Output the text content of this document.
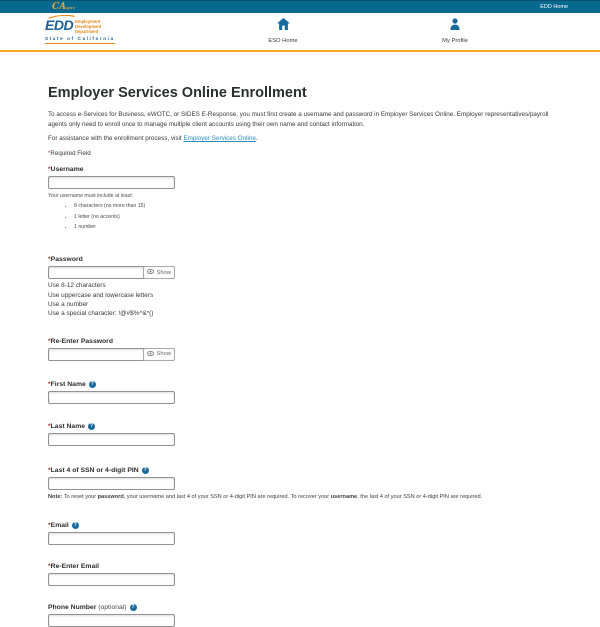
CAgov	EDD Home
EDD Employment
Development
Department
State of California	ESO Home	My Profile
Employer Services Online Enrollment

To access e-Services for Business, eWOTC, or SIDES E-Response, you must first create a username and password in Employer Services Online. Employer representatives/payroll agents only need to enroll once to manage multiple client accounts using their own name and contact information.

For assistance with the enrollment process, visit Employer Services Online.

*Required Field

*Username
Your username must include at least:
• 8 characters (no more than 15)
• 1 letter (no accents)
• 1 number
*Password
Show
Use 8-12 characters
Use uppercase and lowercase letters
Use a number
Use a special character: !@#$%^&*()
*Re-Enter Password
Show
*First Name ?
*Last Name ?
*Last 4 of SSN or 4-digit PIN ?

Note: To reset your password, your username and last 4 of your SSN or 4-digit PIN are required. To recover your username, the last 4 of your SSN or 4-digit PIN are required.

*Email ?
*Re-Enter Email
Phone Number (optional) ?
